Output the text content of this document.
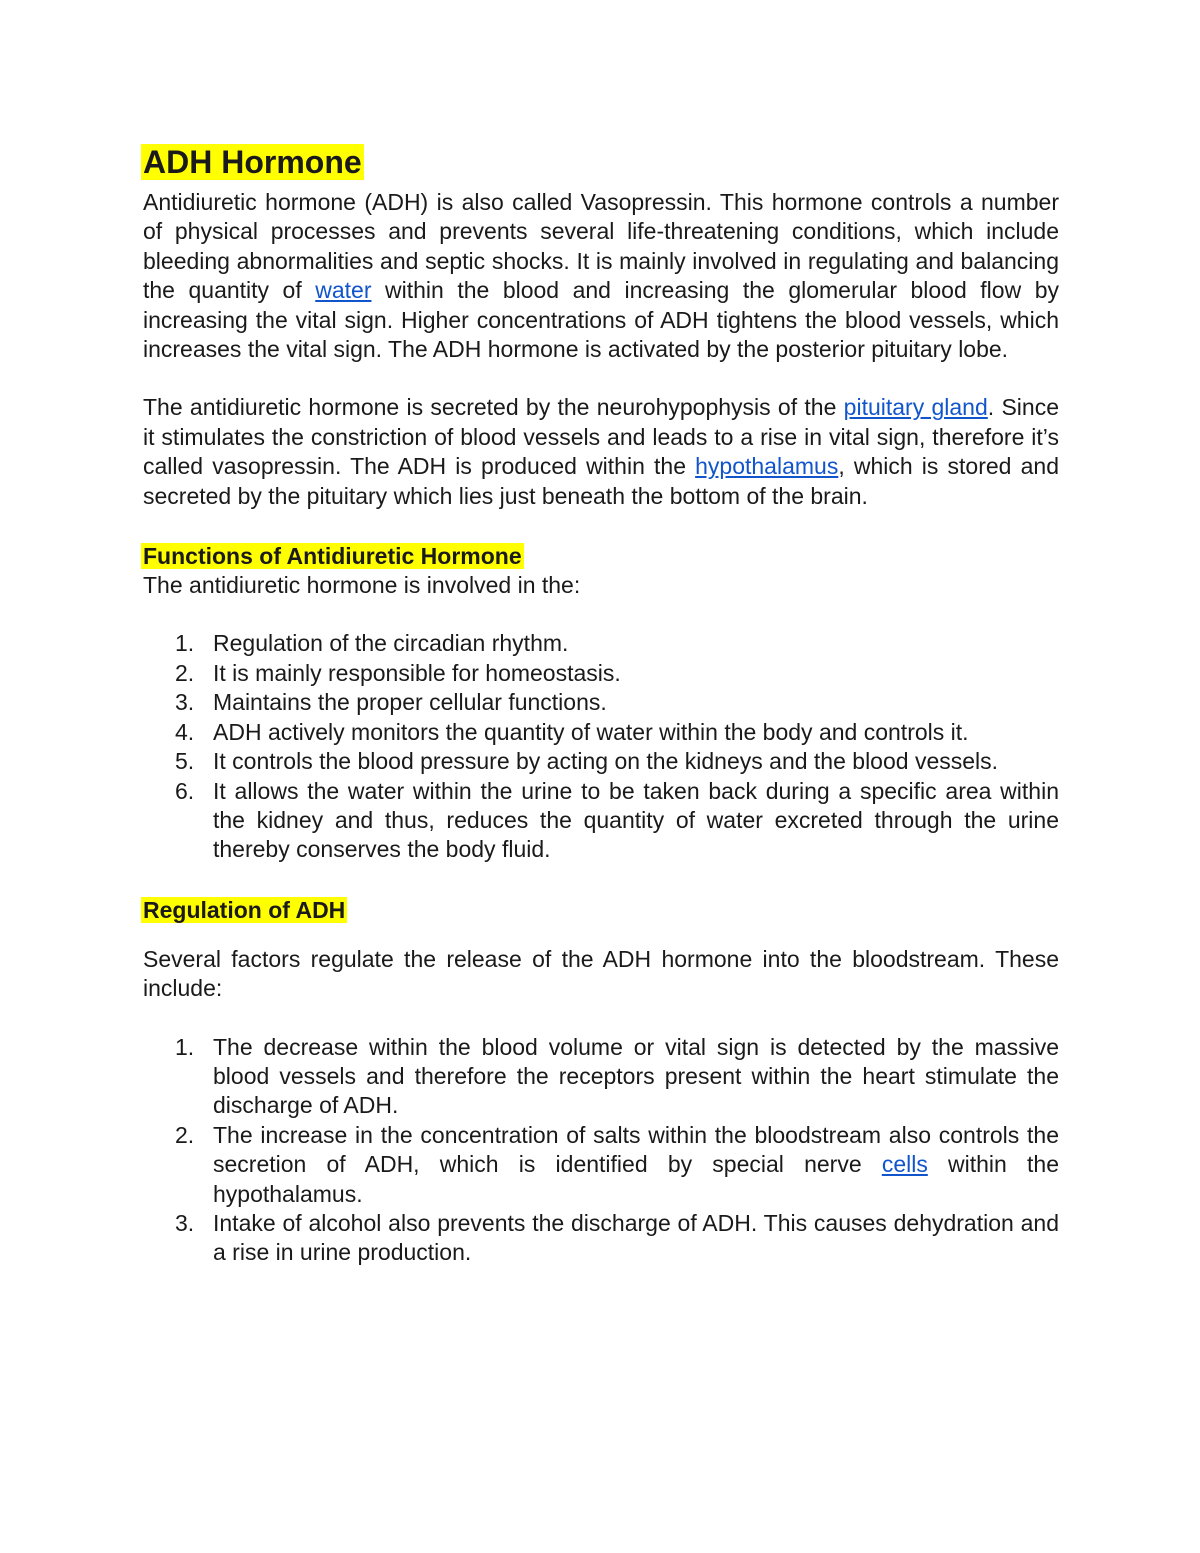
ADH Hormone

Antidiuretic hormone (ADH) is also called Vasopressin. This hormone controls a number of physical processes and prevents several life-threatening conditions, which include bleeding abnormalities and septic shocks. It is mainly involved in regulating and balancing the quantity of water within the blood and increasing the glomerular blood flow by increasing the vital sign. Higher concentrations of ADH tightens the blood vessels, which increases the vital sign. The ADH hormone is activated by the posterior pituitary lobe.

The antidiuretic hormone is secreted by the neurohypophysis of the pituitary gland. Since it stimulates the constriction of blood vessels and leads to a rise in vital sign, therefore it’s called vasopressin. The ADH is produced within the hypothalamus, which is stored and secreted by the pituitary which lies just beneath the bottom of the brain.

Functions of Antidiuretic Hormone

The antidiuretic hormone is involved in the:

1. Regulation of the circadian rhythm.
2. It is mainly responsible for homeostasis.
3. Maintains the proper cellular functions.
4. ADH actively monitors the quantity of water within the body and controls it.
5. It controls the blood pressure by acting on the kidneys and the blood vessels.
6. It allows the water within the urine to be taken back during a specific area within the kidney and thus, reduces the quantity of water excreted through the urine thereby conserves the body fluid.
Regulation of ADH

Several factors regulate the release of the ADH hormone into the bloodstream. These include:

1. The decrease within the blood volume or vital sign is detected by the massive blood vessels and therefore the receptors present within the heart stimulate the discharge of ADH.
2. The increase in the concentration of salts within the bloodstream also controls the secretion of ADH, which is identified by special nerve cells within the hypothalamus.
3. Intake of alcohol also prevents the discharge of ADH. This causes dehydration and a rise in urine production.
